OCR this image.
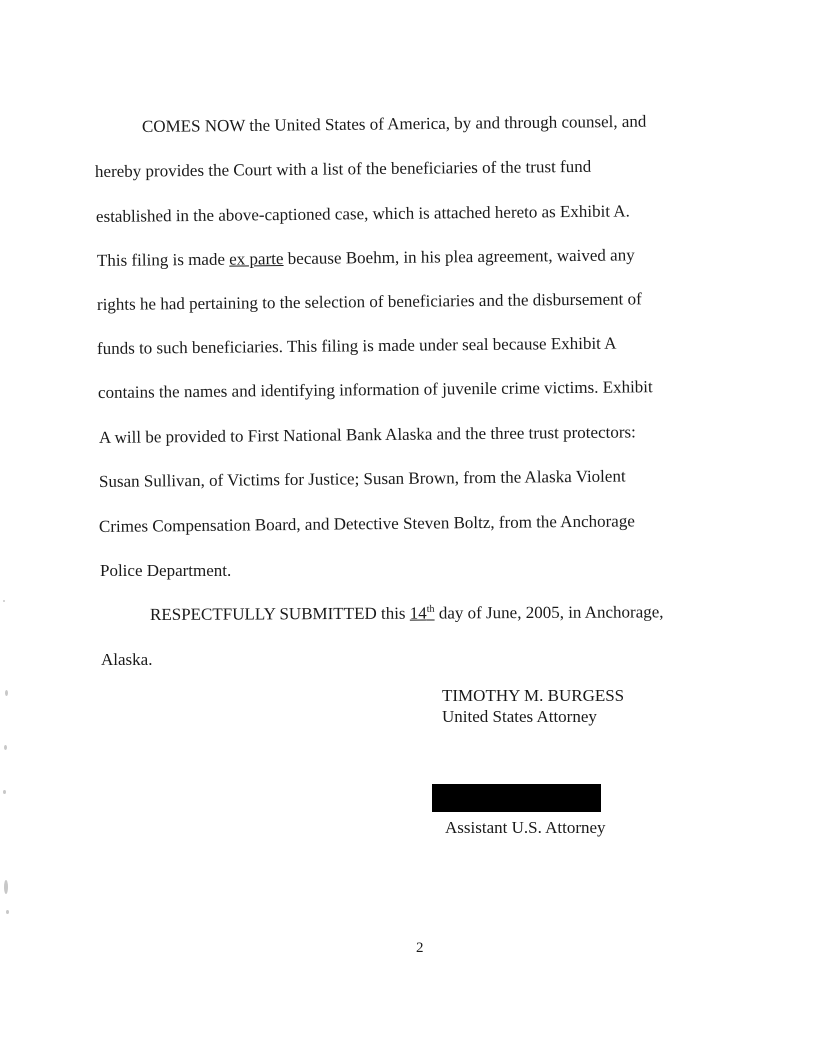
COMES NOW the United States of America, by and through counsel, and
hereby provides the Court with a list of the beneficiaries of the trust fund
established in the above-captioned case, which is attached hereto as Exhibit A.
This filing is made ex parte because Boehm, in his plea agreement, waived any
rights he had pertaining to the selection of beneficiaries and the disbursement of
funds to such beneficiaries. This filing is made under seal because Exhibit A
contains the names and identifying information of juvenile crime victims. Exhibit
A will be provided to First National Bank Alaska and the three trust protectors:
Susan Sullivan, of Victims for Justice; Susan Brown, from the Alaska Violent
Crimes Compensation Board, and Detective Steven Boltz, from the Anchorage
Police Department.
RESPECTFULLY SUBMITTED this 14th day of June, 2005, in Anchorage,
Alaska.
TIMOTHY M. BURGESS
United States Attorney
Assistant U.S. Attorney
2
